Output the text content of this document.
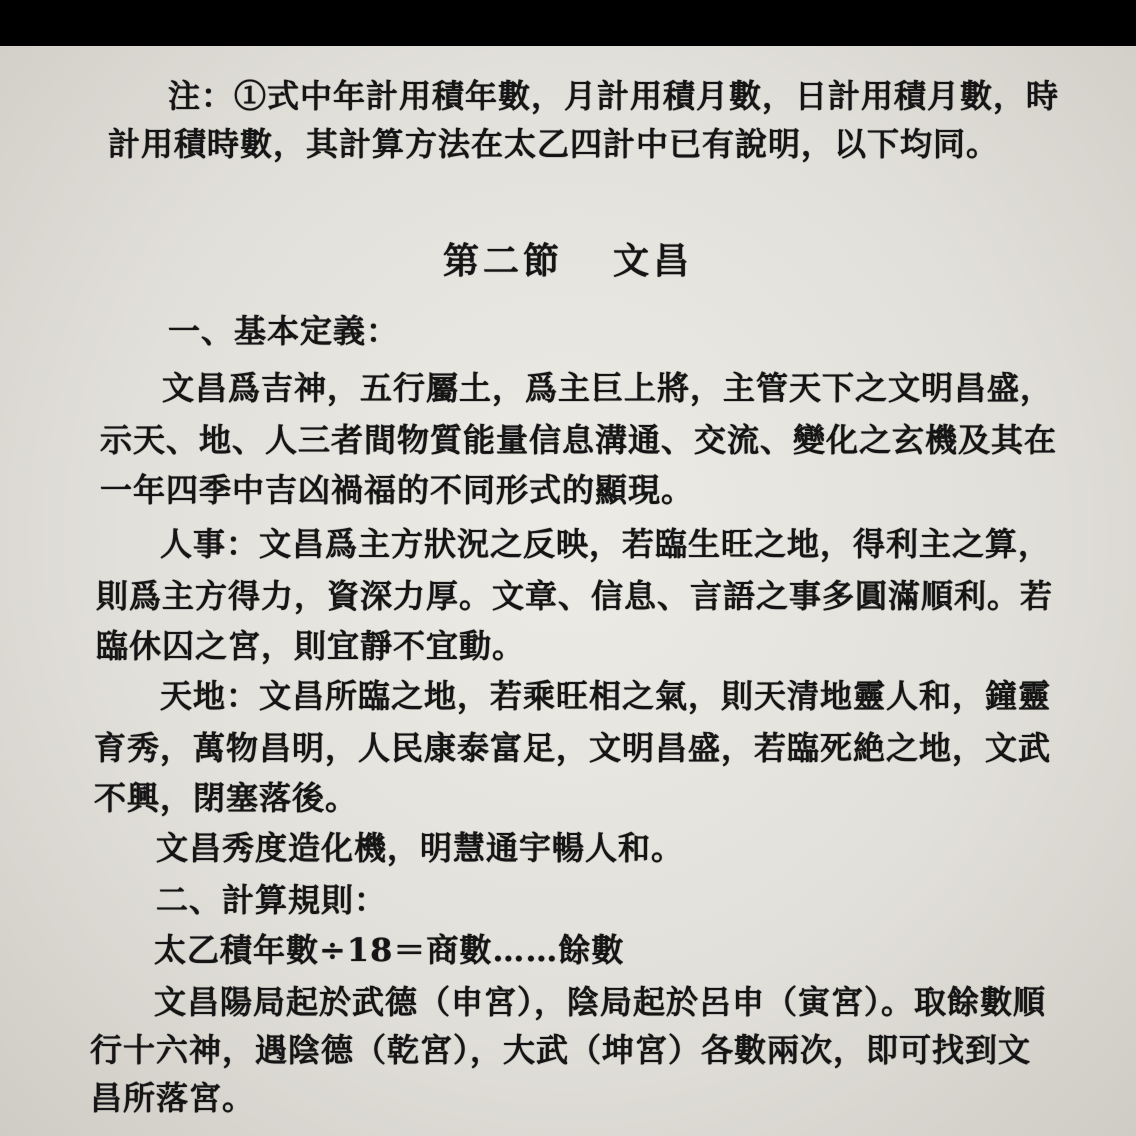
注：①式中年計用積年數，月計用積月數，日計用積月數，時
計用積時數，其計算方法在太乙四計中已有說明，以下均同。
第二節 文昌
一、基本定義：
文昌爲吉神，五行屬土，爲主巨上將，主管天下之文明昌盛，
示天、地、人三者間物質能量信息溝通、交流、變化之玄機及其在
一年四季中吉凶禍福的不同形式的顯現。
人事：文昌爲主方狀況之反映，若臨生旺之地，得利主之算，
則爲主方得力，資深力厚。文章、信息、言語之事多圓滿順利。若
臨休囚之宮，則宜靜不宜動。
天地：文昌所臨之地，若乘旺相之氣，則天清地靈人和，鐘靈
育秀，萬物昌明，人民康泰富足，文明昌盛，若臨死絶之地，文武
不興，閉塞落後。
文昌秀度造化機，明慧通宇暢人和。
二、計算規則：
太乙積年數÷18＝商數……餘數
文昌陽局起於武德（申宮），陰局起於呂申（寅宮）。取餘數順
行十六神，遇陰德（乾宮），大武（坤宮）各數兩次，即可找到文
昌所落宮。
